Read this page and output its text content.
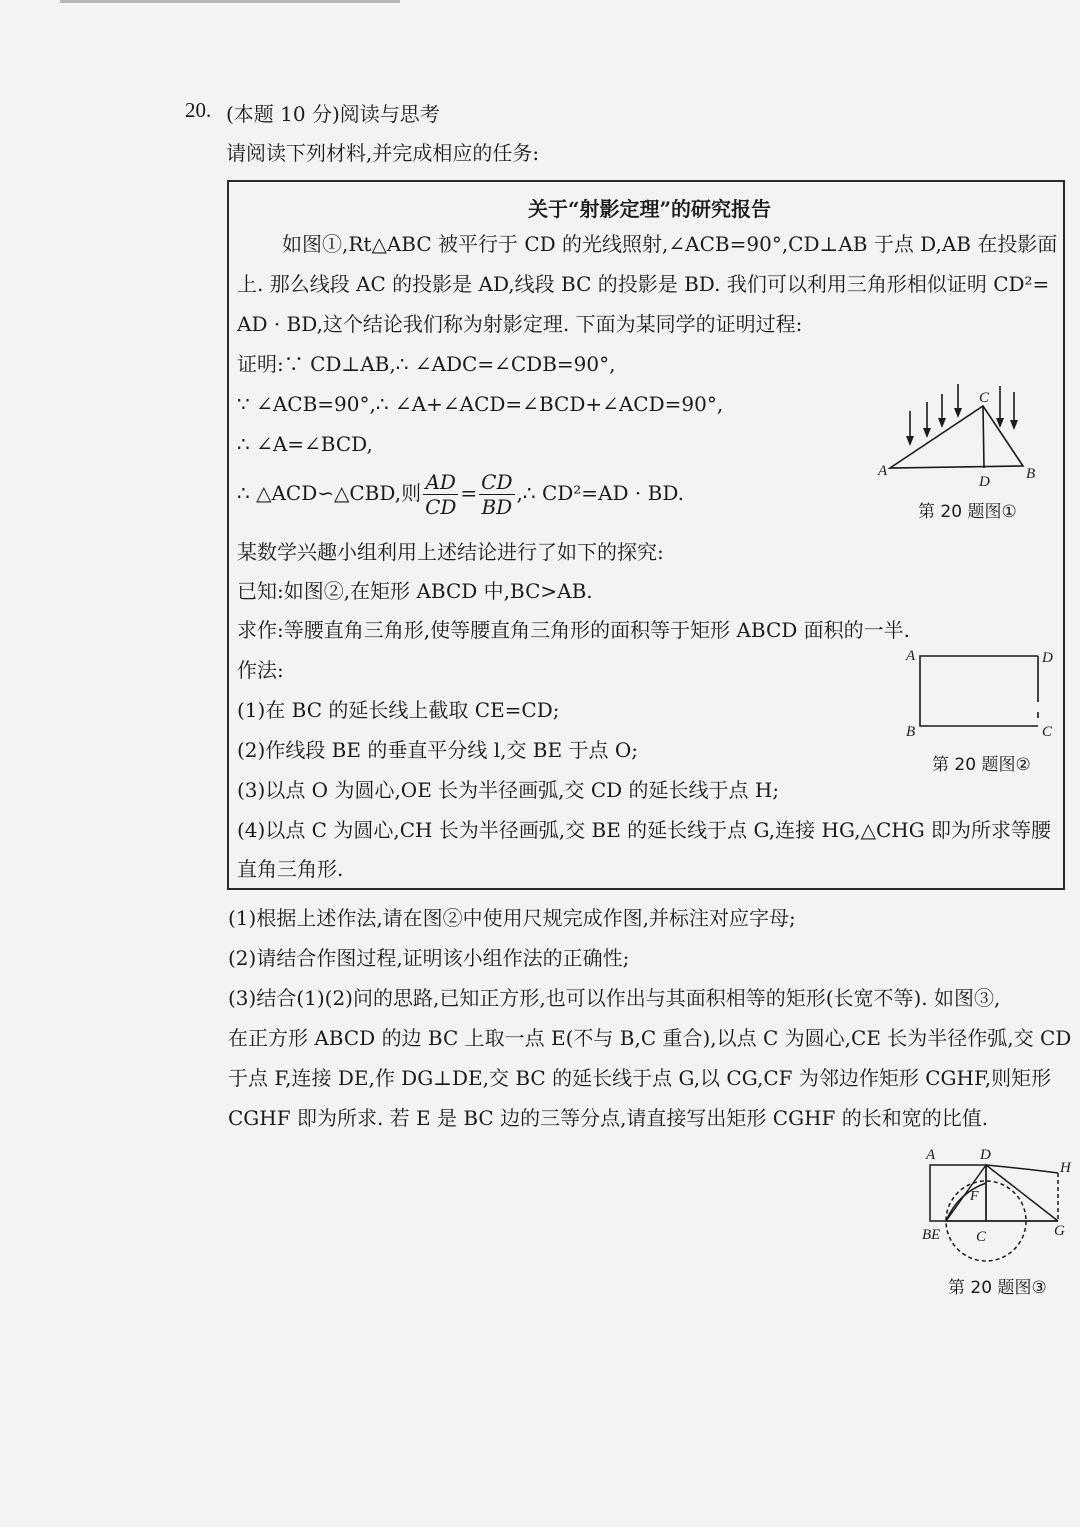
20. (本题 10 分)阅读与思考
请阅读下列材料,并完成相应的任务:
关于“射影定理”的研究报告
如图①,Rt△ABC 被平行于 CD 的光线照射,∠ACB=90°,CD⊥AB 于点 D,AB 在投影面
上. 那么线段 AC 的投影是 AD,线段 BC 的投影是 BD. 我们可以利用三角形相似证明 CD²=
AD · BD,这个结论我们称为射影定理. 下面为某同学的证明过程:
证明:∵ CD⊥AB,∴ ∠ADC=∠CDB=90°,
∵ ∠ACB=90°,∴ ∠A+∠ACD=∠BCD+∠ACD=90°,
∴ ∠A=∠BCD,
∴ △ACD∽△CBD,则 $\frac{AD}{CD} = \frac{CD}{BD}$ ,∴ CD²=AD · BD.
某数学兴趣小组利用上述结论进行了如下的探究:
已知:如图②,在矩形 ABCD 中,BC>AB.
求作:等腰直角三角形,使等腰直角三角形的面积等于矩形 ABCD 面积的一半.
作法:
(1)在 BC 的延长线上截取 CE=CD;
(2)作线段 BE 的垂直平分线 l,交 BE 于点 O;
(3)以点 O 为圆心,OE 长为半径画弧,交 CD 的延长线于点 H;
(4)以点 C 为圆心,CH 长为半径画弧,交 BE 的延长线于点 G,连接 HG,△CHG 即为所求等腰
直角三角形.
(1)根据上述作法,请在图②中使用尺规完成作图,并标注对应字母;
(2)请结合作图过程,证明该小组作法的正确性;
(3)结合(1)(2)问的思路,已知正方形,也可以作出与其面积相等的矩形(长宽不等). 如图③,
在正方形 ABCD 的边 BC 上取一点 E(不与 B,C 重合),以点 C 为圆心,CE 长为半径作弧,交 CD
于点 F,连接 DE,作 DG⊥DE,交 BC 的延长线于点 G,以 CG,CF 为邻边作矩形 CGHF,则矩形
CGHF 即为所求. 若 E 是 BC 边的三等分点,请直接写出矩形 CGHF 的长和宽的比值.
A	B
C
D
第 20 题图①
A	D
B	C
第 20 题图②
A	D
H
F
BE C	G
第 20 题图③
